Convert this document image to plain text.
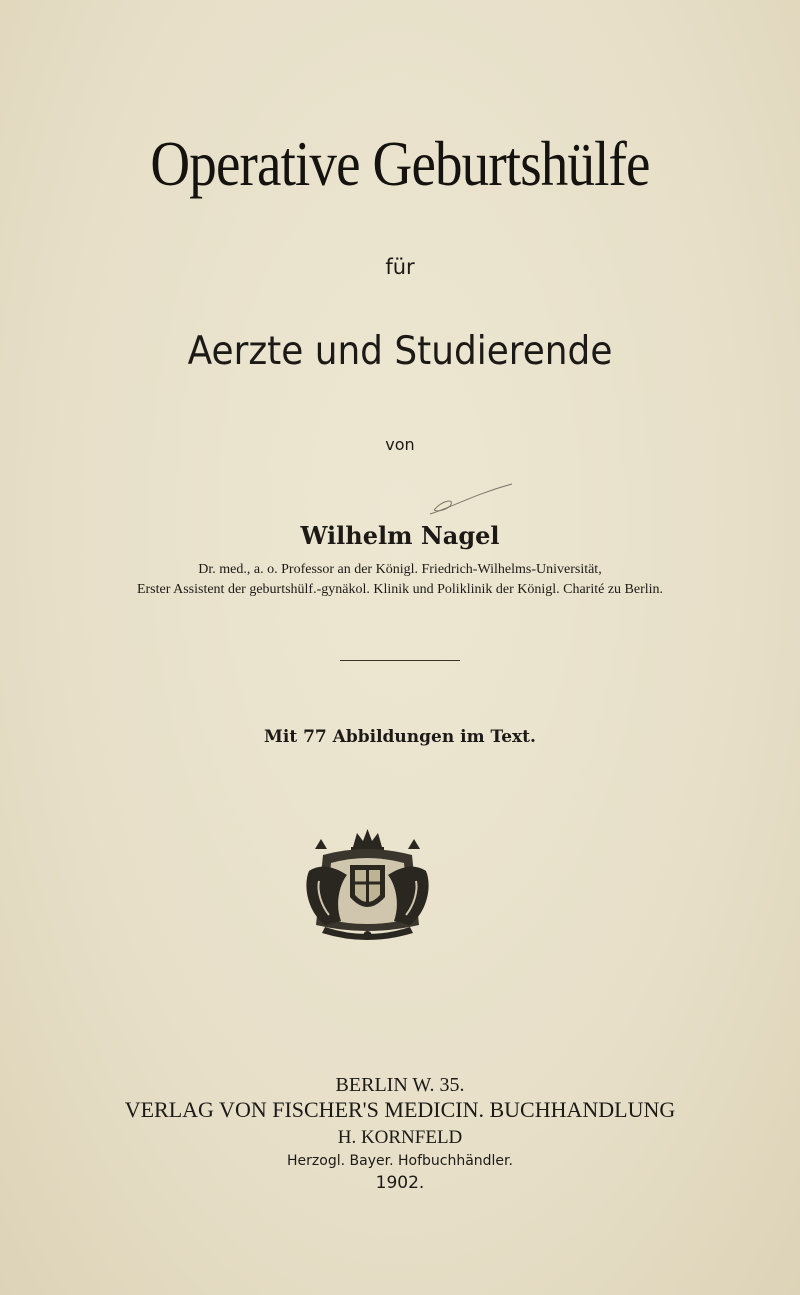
Operative Geburtshülfe
für
Aerzte und Studierende
von
Wilhelm Nagel
Dr. med., a. o. Professor an der Königl. Friedrich-Wilhelms-Universität,
Erster Assistent der geburtshülf.-gynäkol. Klinik und Poliklinik der Königl. Charité zu Berlin.
Mit 77 Abbildungen im Text.
BERLIN W. 35.
VERLAG VON FISCHER'S MEDICIN. BUCHHANDLUNG
H. KORNFELD
Herzogl. Bayer. Hofbuchhändler.
1902.
